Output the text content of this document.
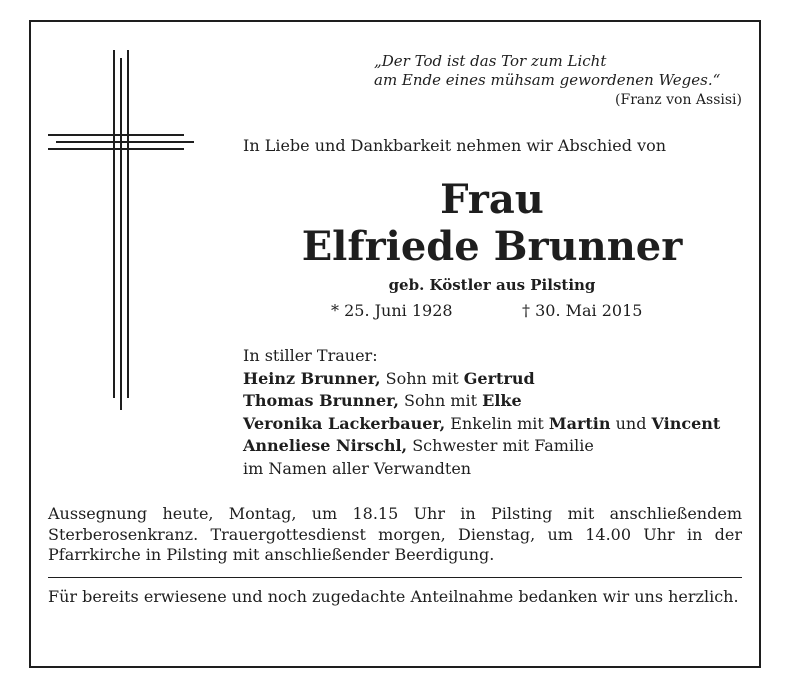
„Der Tod ist das Tor zum Licht
am Ende eines mühsam gewordenen Weges.“
(Franz von Assisi)
In Liebe und Dankbarkeit nehmen wir Abschied von
Frau
Elfriede Brunner
geb. Köstler aus Pilsting
* 25. Juni 1928	† 30. Mai 2015
In stiller Trauer:
Heinz Brunner, Sohn mit Gertrud
Thomas Brunner, Sohn mit Elke
Veronika Lackerbauer, Enkelin mit Martin und Vincent
Anneliese Nirschl, Schwester mit Familie
im Namen aller Verwandten
Aussegnung heute, Montag, um 18.15 Uhr in Pilsting mit anschließendem Sterberosenkranz. Trauergottesdienst morgen, Dienstag, um 14.00 Uhr in der Pfarrkirche in Pilsting mit anschließender Beerdigung.
Für bereits erwiesene und noch zugedachte Anteilnahme bedanken wir uns herzlich.
